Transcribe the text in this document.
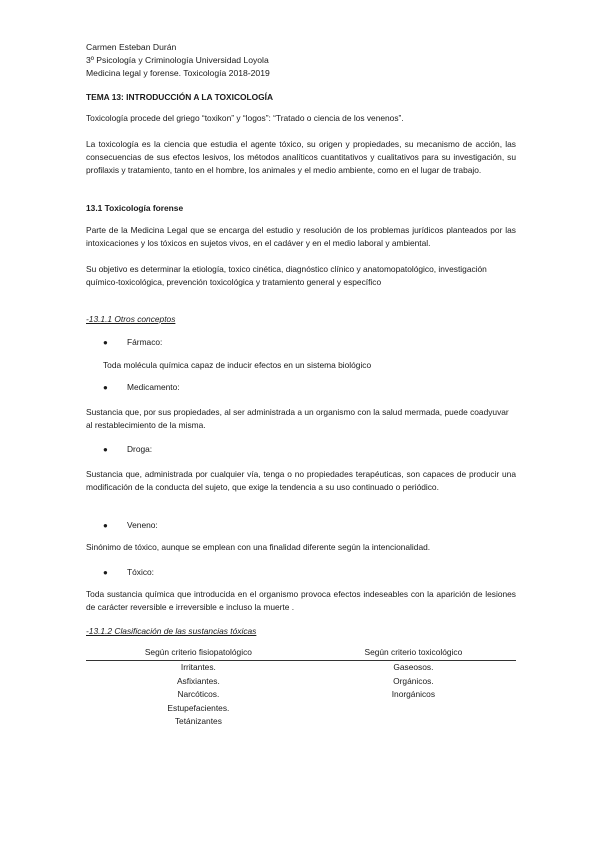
Carmen Esteban Durán
3º Psicología y Criminología Universidad Loyola
Medicina legal y forense. Toxicología 2018-2019
TEMA 13: INTRODUCCIÓN A LA TOXICOLOGÍA
Toxicología procede del griego “toxikon” y “logos”: “Tratado o ciencia de los venenos”.
La toxicología es la ciencia que estudia el agente tóxico, su origen y propiedades, su mecanismo de acción, las consecuencias de sus efectos lesivos, los métodos analíticos cuantitativos y cualitativos para su investigación, su profilaxis y tratamiento, tanto en el hombre, los animales y el medio ambiente, como en el lugar de trabajo.
13.1 Toxicología forense
Parte de la Medicina Legal que se encarga del estudio y resolución de los problemas jurídicos planteados por las intoxicaciones y los tóxicos en sujetos vivos, en el cadáver y en el medio laboral y ambiental.
Su objetivo es determinar la etiología, toxico cinética, diagnóstico clínico y anatomopatológico, investigación químico-toxicológica, prevención toxicológica y tratamiento general y específico
-13.1.1 Otros conceptos
● Fármaco:
Toda molécula química capaz de inducir efectos en un sistema biológico
● Medicamento:
Sustancia que, por sus propiedades, al ser administrada a un organismo con la salud mermada, puede coadyuvar al restablecimiento de la misma.
● Droga:
Sustancia que, administrada por cualquier vía, tenga o no propiedades terapéuticas, son capaces de producir una modificación de la conducta del sujeto, que exige la tendencia a su uso continuado o periódico.
● Veneno:
Sinónimo de tóxico, aunque se emplean con una finalidad diferente según la intencionalidad.
● Tóxico:
Toda sustancia química que introducida en el organismo provoca efectos indeseables con la aparición de lesiones de carácter reversible e irreversible e incluso la muerte .
-13.1.2 Clasificación de las sustancias tóxicas
Según criterio fisiopatológico	Según criterio toxicológico
Irritantes.	Gaseosos.
Asfixiantes.	Orgánicos.
Narcóticos.	Inorgánicos
Estupefacientes.	
Tetánizantes	
